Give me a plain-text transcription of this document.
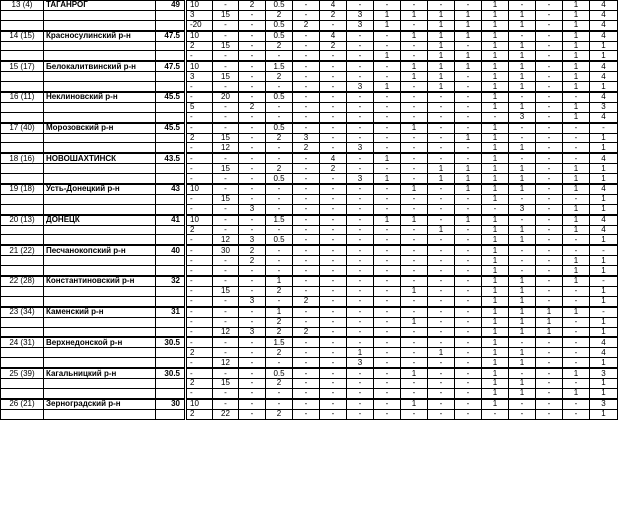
13 (4)	ТАГАНРОГ	49	10	-	2	0.5	-	4	-	-	-	-	-	1	-	-	1	4
			3	15	-	2	-	2	3	1	1	1	1	1	1	-	1	4
			-20	-	-	0.5	2	-	3	1	-	1	1	1	1	-	1	4
14 (15)	Красносулинский р-н	47.5	10	-	-	0.5	-	4	-	-	1	1	1	1	-	-	1	4
			2	15	-	2	-	2	-	-	-	1	-	1	1	-	1	1
			-	-	-	-	-	-	-	1	-	1	1	1	1	-	1	1
15 (17)	Белокалитвинский р-н	47.5	10	-	-	1.5	-	-	-	-	1	1	1	1	1	-	1	4
			3	15	-	2	-	-	-	-	1	1	-	1	1	-	1	4
			-	-	-	-	-	-	3	1	-	1	-	1	1	-	1	1
16 (11)	Неклиновский р-н	45.5	-	20	-	0.5	-	-	-	-	-	-	-	1	-	-	-	4
			5	-	2	-	-	-	-	-	-	-	-	1	1	-	1	3
			-	-	-	-	-	-	-	-	-	-	-	-	3	-	1	4
17 (40)	Морозовский р-н	45.5	-	-	-	0.5	-	-	-	-	1	-	-	1	-	-	-	-
			2	15	-	2	3	-	-	-	-	-	1	1	-	-	-	1
			-	12	-	-	2	-	3	-	-	-	-	1	1	-	-	1
18 (16)	НОВОШАХТИНСК	43.5	-	-	-	-	-	4	-	1	-	-	-	1	-	-	-	4
			-	15	-	2	-	2	-	-	-	1	1	1	1	-	1	1
			-	-	-	0.5	-	-	3	1	-	1	1	1	1	-	1	1
19 (18)	Усть-Донецкий р-н	43	10	-	-	-	-	-	-	-	1	-	1	1	1	-	1	4
			-	15	-	-	-	-	-	-	-	-	-	1	-	-	-	1
			-	-	3	-	-	-	-	-	-	-	-	-	3	-	1	1
20 (13)	ДОНЕЦК	41	10	-	-	1.5	-	-	-	1	1	-	1	1	-	-	1	4
			2	-	-	-	-	-	-	-	-	1	-	1	1	-	1	4
			-	12	3	0.5	-	-	-	-	-	-	-	1	1	-	-	1
21 (22)	Песчанокопский р-н	40	-	30	2	-	-	-	-	-	-	-	-	1	-	-	-	-
			-	-	2	-	-	-	-	-	-	-	-	1	-	-	1	1
			-	-	-	-	-	-	-	-	-	-	-	1	-	-	1	1
22 (28)	Константиновский р-н	32	-	-	-	1	-	-	-	-	-	-	-	1	1	-	1	-
			-	15	-	2	-	-	-	-	1	-	-	1	1	-	-	1
			-	-	3	-	2	-	-	-	-	-	-	1	1	-	-	1
23 (34)	Каменский р-н	31	-	-	-	1	-	-	-	-	-	-	-	1	1	1	1	-
			-	-	-	2	-	-	-	-	1	-	-	1	1	1	-	1
			-	12	3	2	2	-	-	-	-	-	-	1	1	1	-	1
24 (31)	Верхнедонской р-н	30.5	-	-	-	1.5	-	-	-	-	-	-	-	1	-	-	-	4
			2	-	-	2	-	-	1	-	-	1	-	1	1	-	-	4
			-	12	-	-	-	-	3	-	-	-	-	1	1	-	-	1
25 (39)	Кагальницкий р-н	30.5	-	-	-	0.5	-	-	-	-	1	-	-	1	-	-	1	3
			2	15	-	2	-	-	-	-	-	-	-	1	1	-	-	1
			-	-	-	-	-	-	-	-	-	-	-	1	1	-	1	1
26 (21)	Зерноградский р-н	30	10	-	-	-	-	-	-	-	1	-	-	1	-	-	-	3
			2	22	-	2	-	-	-	-	-	-	-	-	-	-	-	1
